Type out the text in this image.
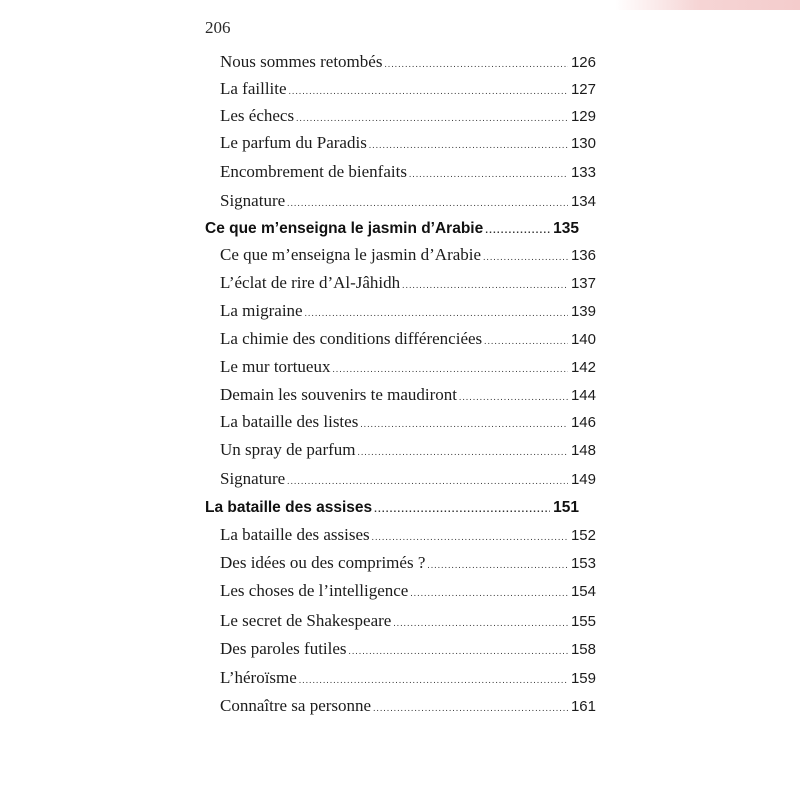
206
Nous sommes retombés .....	126
La faillite .....	127
Les échecs .....	129
Le parfum du Paradis .....	130
Encombrement de bienfaits .....	133
Signature .....	134
Ce que m’enseigna le jasmin d’Arabie .....	135
Ce que m’enseigna le jasmin d’Arabie .....	136
L’éclat de rire d’Al-Jâhidh .....	137
La migraine .....	139
La chimie des conditions différenciées .....	140
Le mur tortueux .....	142
Demain les souvenirs te maudiront .....	144
La bataille des listes .....	146
Un spray de parfum .....	148
Signature .....	149
La bataille des assises .....	151
La bataille des assises .....	152
Des idées ou des comprimés ? .....	153
Les choses de l’intelligence .....	154
Le secret de Shakespeare .....	155
Des paroles futiles .....	158
L’héroïsme .....	159
Connaître sa personne .....	161
